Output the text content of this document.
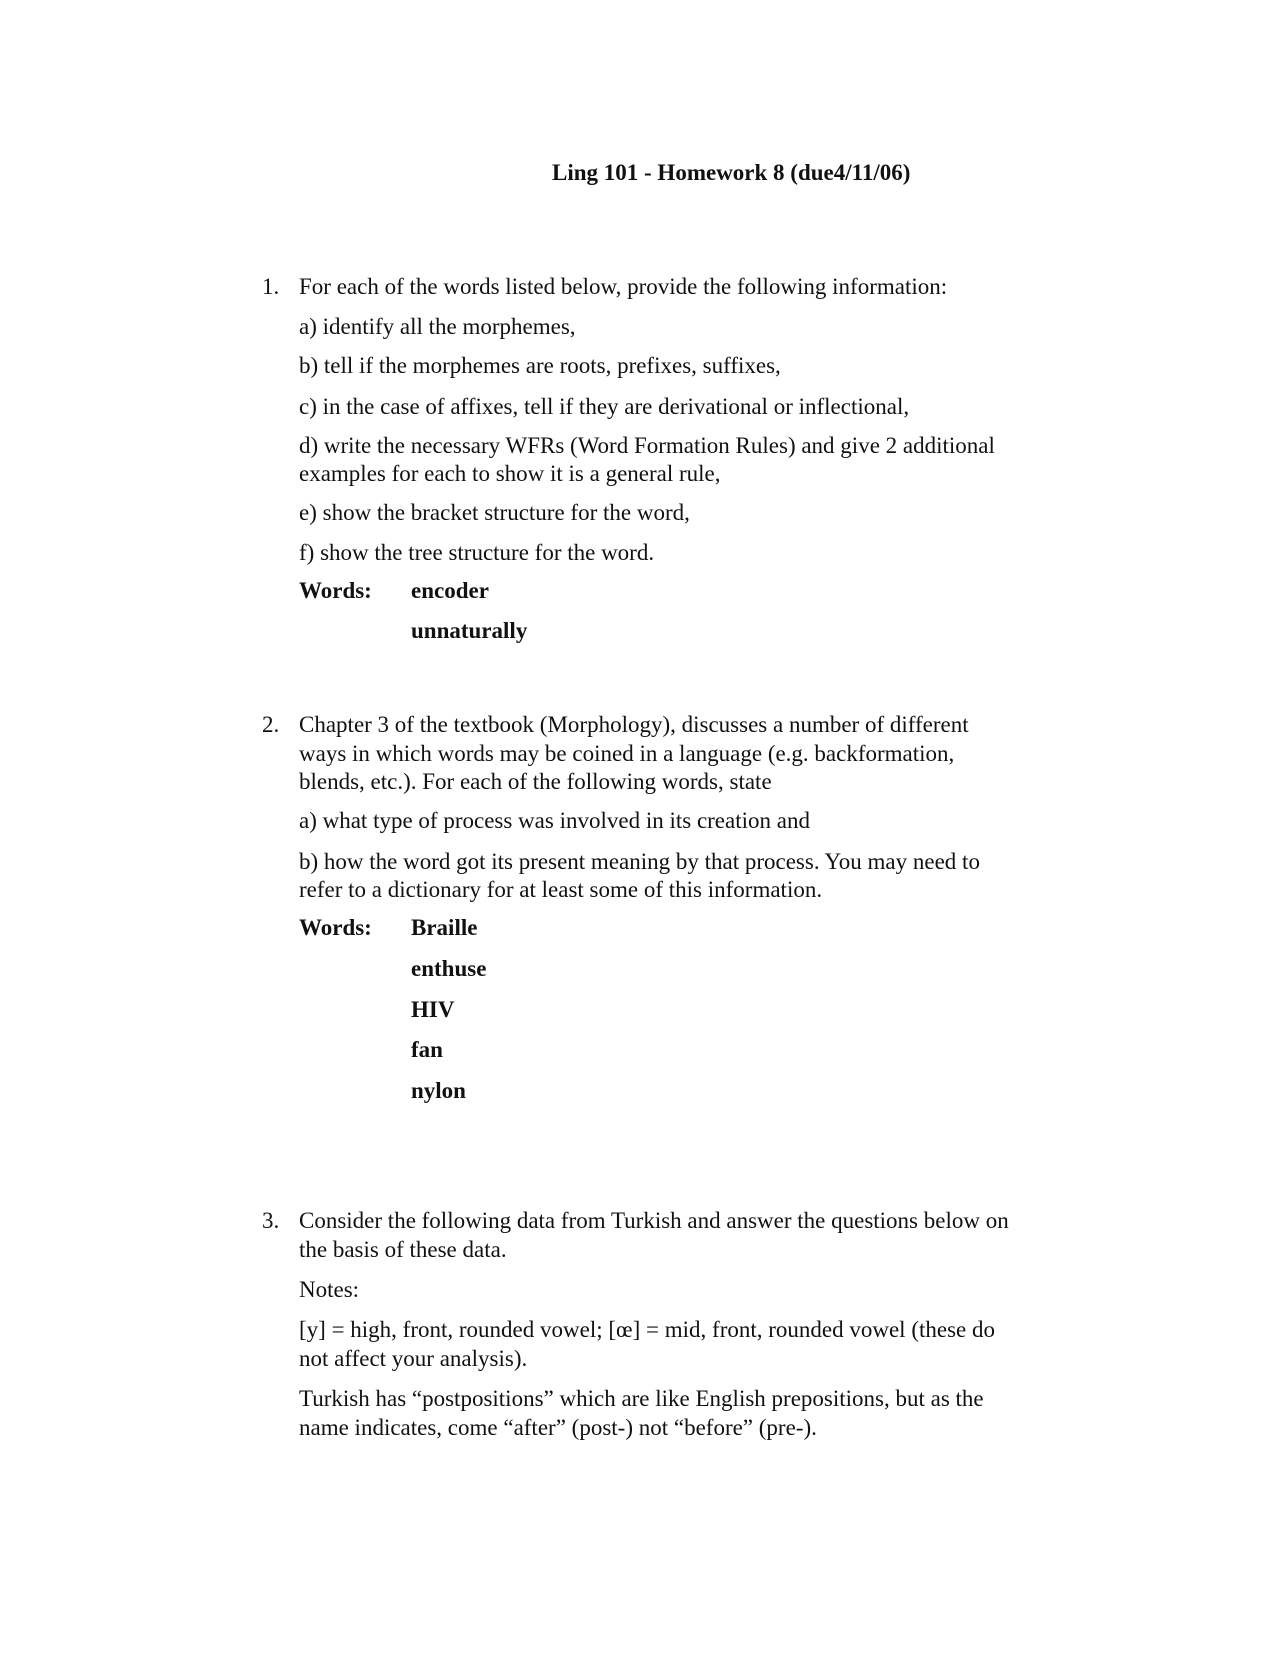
Ling 101 - Homework 8 (due4/11/06)
1. For each of the words listed below, provide the following information:
a) identify all the morphemes,
b) tell if the morphemes are roots, prefixes, suffixes,
c) in the case of affixes, tell if they are derivational or inflectional,
d) write the necessary WFRs (Word Formation Rules) and give 2 additional
examples for each to show it is a general rule,
e) show the bracket structure for the word,
f) show the tree structure for the word.
Words: encoder
unnaturally
2. Chapter 3 of the textbook (Morphology), discusses a number of different
ways in which words may be coined in a language (e.g. backformation,
blends, etc.). For each of the following words, state
a) what type of process was involved in its creation and
b) how the word got its present meaning by that process. You may need to
refer to a dictionary for at least some of this information.
Words: Braille
enthuse
HIV
fan
nylon
3. Consider the following data from Turkish and answer the questions below on
the basis of these data.
Notes:
[y] = high, front, rounded vowel; [œ] = mid, front, rounded vowel (these do
not affect your analysis).
Turkish has “postpositions” which are like English prepositions, but as the
name indicates, come “after” (post-) not “before” (pre-).
